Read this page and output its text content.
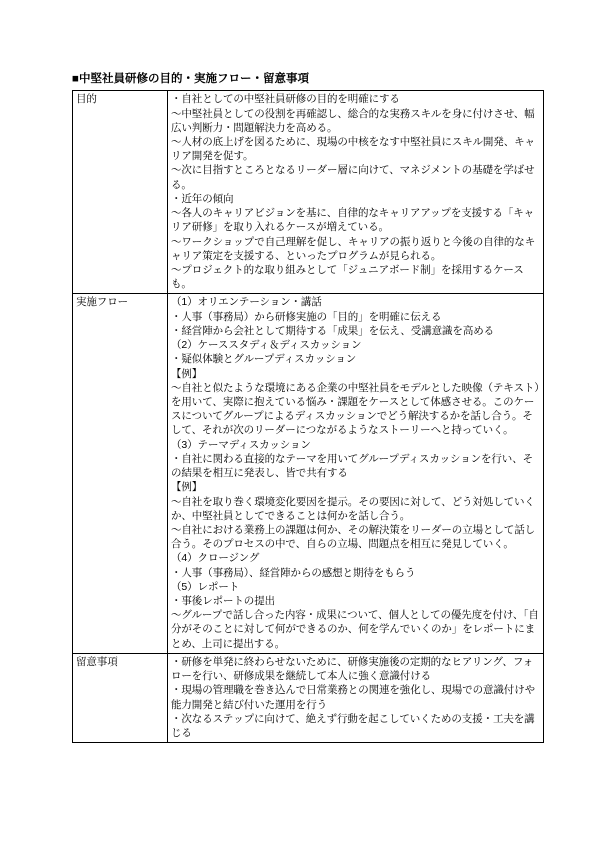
■中堅社員研修の目的・実施フロー・留意事項
目的	・自社としての中堅社員研修の目的を明確にする
〜中堅社員としての役割を再確認し、総合的な実務スキルを身に付けさせ、幅広い判断力・問題解決力を高める。
〜人材の底上げを図るために、現場の中核をなす中堅社員にスキル開発、キャリア開発を促す。
〜次に目指すところとなるリーダー層に向けて、マネジメントの基礎を学ばせる。
・近年の傾向
〜各人のキャリアビジョンを基に、自律的なキャリアアップを支援する「キャリア研修」を取り入れるケースが増えている。
〜ワークショップで自己理解を促し、キャリアの振り返りと今後の自律的なキャリア策定を支援する、といったプログラムが見られる。
〜プロジェクト的な取り組みとして「ジュニアボード制」を採用するケースも。

実施フロー	（1）オリエンテーション・講話
・人事（事務局）から研修実施の「目的」を明確に伝える
・経営陣から会社として期待する「成果」を伝え、受講意識を高める
（2）ケーススタディ＆ディスカッション
・疑似体験とグループディスカッション
【例】
〜自社と似たような環境にある企業の中堅社員をモデルとした映像（テキスト）を用いて、実際に抱えている悩み・課題をケースとして体感させる。このケースについてグループによるディスカッションでどう解決するかを話し合う。そして、それが次のリーダーにつながるようなストーリーへと持っていく。
（3）テーマディスカッション
・自社に関わる直接的なテーマを用いてグループディスカッションを行い、その結果を相互に発表し、皆で共有する
【例】
〜自社を取り巻く環境変化要因を提示。その要因に対して、どう対処していくか、中堅社員としてできることは何かを話し合う。
〜自社における業務上の課題は何か、その解決策をリーダーの立場として話し合う。そのプロセスの中で、自らの立場、問題点を相互に発見していく。
（4）クロージング
・人事（事務局）、経営陣からの感想と期待をもらう
（5）レポート
・事後レポートの提出
〜グループで話し合った内容・成果について、個人としての優先度を付け、「自分がそのことに対して何ができるのか、何を学んでいくのか」をレポートにまとめ、上司に提出する。

留意事項	・研修を単発に終わらせないために、研修実施後の定期的なヒアリング、フォローを行い、研修成果を継続して本人に強く意識付ける
・現場の管理職を巻き込んで日常業務との関連を強化し、現場での意識付けや能力開発と結び付いた運用を行う
・次なるステップに向けて、絶えず行動を起こしていくための支援・工夫を講じる
